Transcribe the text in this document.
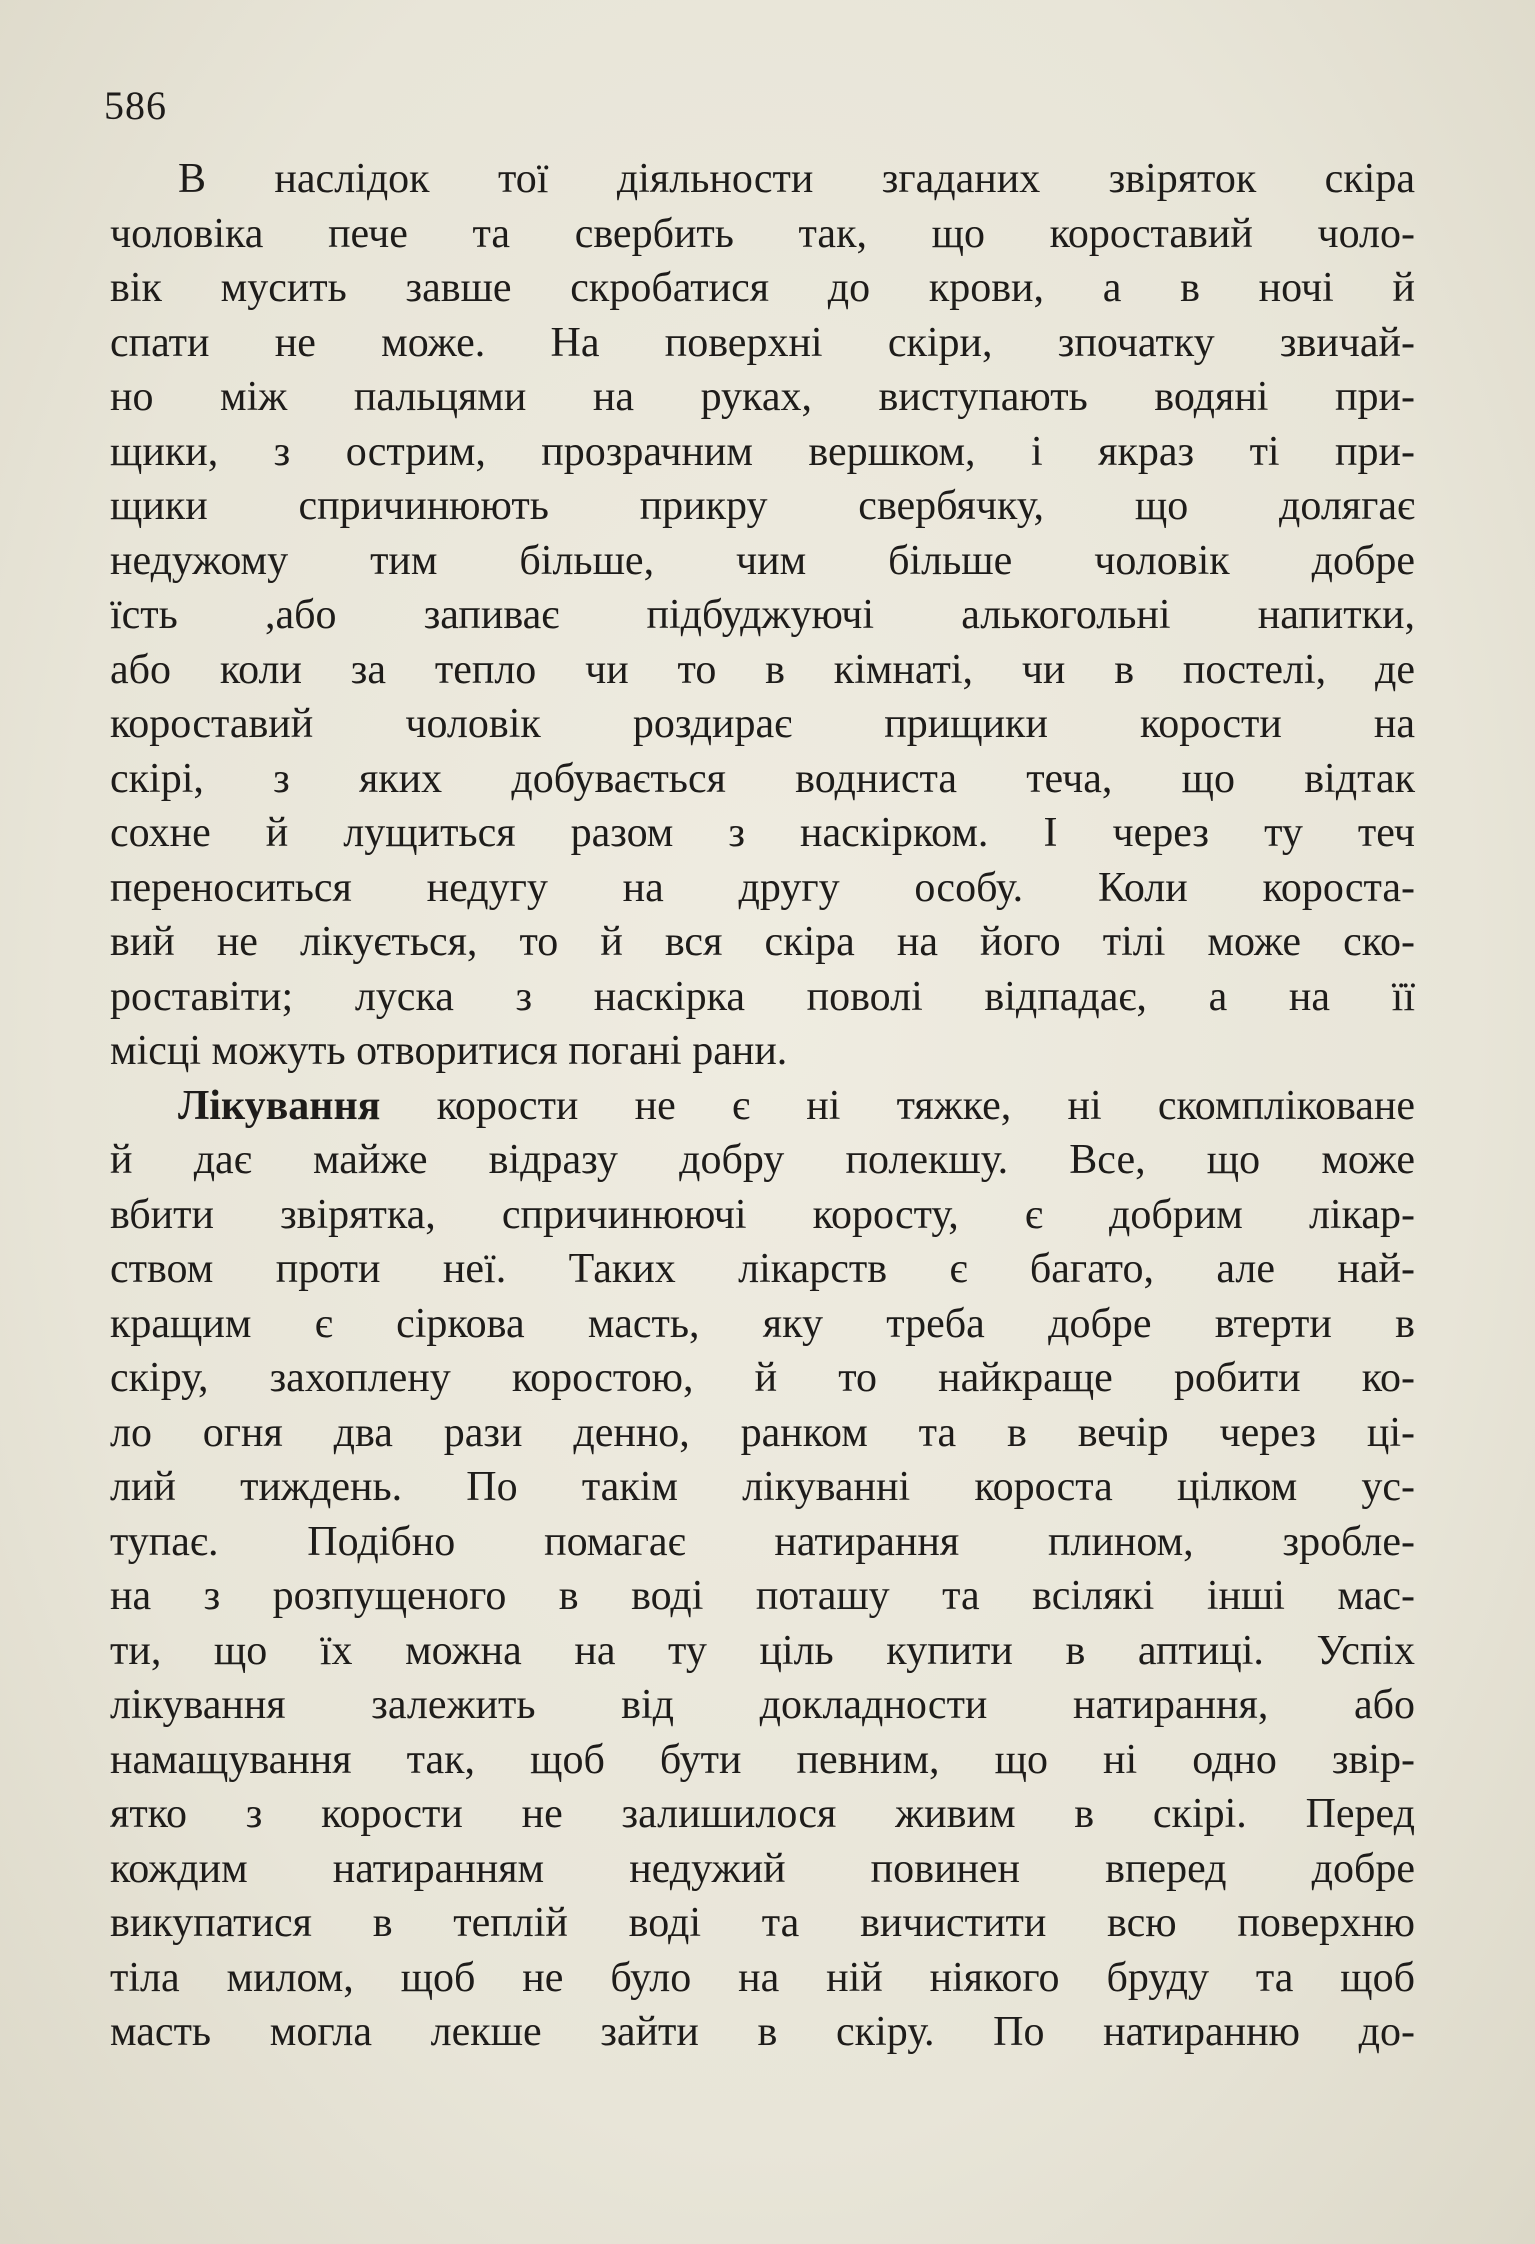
586
В наслідок тої діяльности згаданих звіряток скіра
чоловіка пече та свербить так, що короставий чоло-
вік мусить завше скробатися до крови, а в ночі й
спати не може. На поверхні скіри, зпочатку звичай-
но між пальцями на руках, виступають водяні при-
щики, з острим, прозрачним вершком, і якраз ті при-
щики спричинюють прикру свербячку, що долягає
недужому тим більше, чим більше чоловік добре
їсть ,або запиває підбуджуючі алькогольні напитки,
або коли за тепло чи то в кімнаті, чи в постелі, де
короставий чоловік роздирає прищики корости на
скірі, з яких добувається водниста теча, що відтак
сохне й лущиться разом з наскірком. І через ту теч
переноситься недугу на другу особу. Коли короста-
вий не лікується, то й вся скіра на його тілі може ско-
роставіти; луска з наскірка поволі відпадає, а на її
місці можуть отворитися погані рани.
Лікування корости не є ні тяжке, ні скомпліковане
й дає майже відразу добру полекшу. Все, що може
вбити звірятка, спричинюючі коросту, є добрим лікар-
ством проти неї. Таких лікарств є багато, але най-
кращим є сіркова масть, яку треба добре втерти в
скіру, захоплену коростою, й то найкраще робити ко-
ло огня два рази денно, ранком та в вечір через ці-
лий тиждень. По такім лікуванні короста цілком ус-
тупає. Подібно помагає натирання плином, зробле-
на з розпущеного в воді поташу та всілякі інші мас-
ти, що їх можна на ту ціль купити в аптиці. Успіх
лікування залежить від докладности натирання, або
намащування так, щоб бути певним, що ні одно звір-
ятко з корости не залишилося живим в скірі. Перед
кождим натиранням недужий повинен вперед добре
викупатися в теплій воді та вичистити всю поверхню
тіла милом, щоб не було на ній ніякого бруду та щоб
масть могла лекше зайти в скіру. По натиранню до-
